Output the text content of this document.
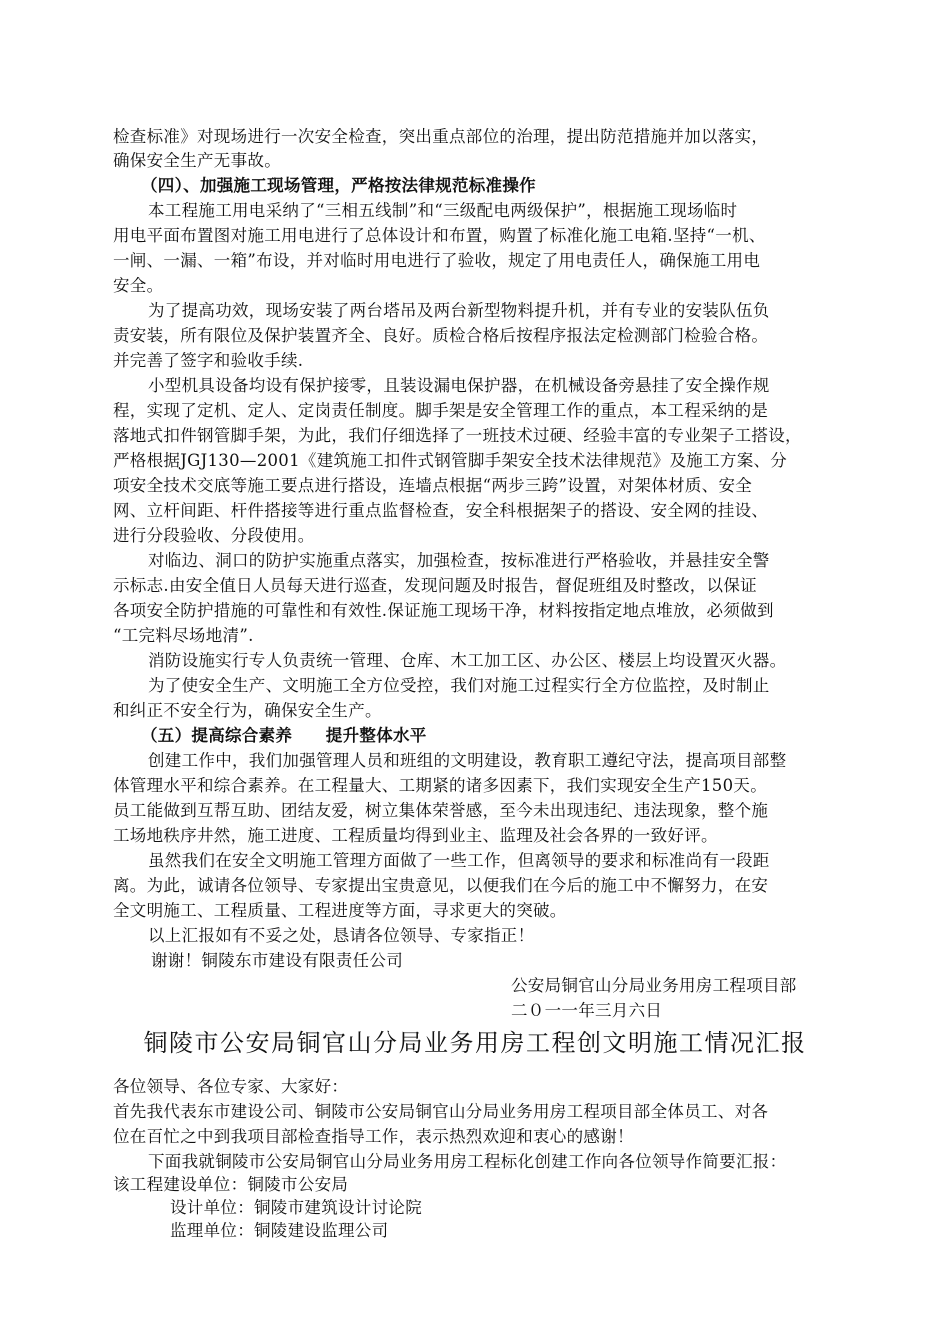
检查标准》对现场进行一次安全检查，突出重点部位的治理，提出防范措施并加以落实，
确保安全生产无事故。
（四）、加强施工现场管理，严格按法律规范标准操作
本工程施工用电采纳了“三相五线制”和“三级配电两级保护”，根据施工现场临时
用电平面布置图对施工用电进行了总体设计和布置，购置了标准化施工电箱.坚持“一机、
一闸、一漏、一箱”布设，并对临时用电进行了验收，规定了用电责任人，确保施工用电
安全。
为了提高功效，现场安装了两台塔吊及两台新型物料提升机，并有专业的安装队伍负
责安装，所有限位及保护装置齐全、良好。质检合格后按程序报法定检测部门检验合格。
并完善了签字和验收手续.
小型机具设备均设有保护接零，且装设漏电保护器，在机械设备旁悬挂了安全操作规
程，实现了定机、定人、定岗责任制度。脚手架是安全管理工作的重点，本工程采纳的是
落地式扣件钢管脚手架，为此，我们仔细选择了一班技术过硬、经验丰富的专业架子工搭设，
严格根据JGJ130—2001《建筑施工扣件式钢管脚手架安全技术法律规范》及施工方案、分
项安全技术交底等施工要点进行搭设，连墙点根据“两步三跨”设置，对架体材质、安全
网、立杆间距、杆件搭接等进行重点监督检查，安全科根据架子的搭设、安全网的挂设、
进行分段验收、分段使用。
对临边、洞口的防护实施重点落实，加强检查，按标准进行严格验收，并悬挂安全警
示标志.由安全值日人员每天进行巡查，发现问题及时报告，督促班组及时整改，以保证
各项安全防护措施的可靠性和有效性.保证施工现场干净，材料按指定地点堆放，必须做到
“工完料尽场地清”.
消防设施实行专人负责统一管理、仓库、木工加工区、办公区、楼层上均设置灭火器。
为了使安全生产、文明施工全方位受控，我们对施工过程实行全方位监控，及时制止
和纠正不安全行为，确保安全生产。
（五）提高综合素养　　提升整体水平
创建工作中，我们加强管理人员和班组的文明建设，教育职工遵纪守法，提高项目部整
体管理水平和综合素养。在工程量大、工期紧的诸多因素下，我们实现安全生产150天。
员工能做到互帮互助、团结友爱，树立集体荣誉感，至今未出现违纪、违法现象，整个施
工场地秩序井然，施工进度、工程质量均得到业主、监理及社会各界的一致好评。
虽然我们在安全文明施工管理方面做了一些工作，但离领导的要求和标准尚有一段距
离。为此，诚请各位领导、专家提出宝贵意见，以便我们在今后的施工中不懈努力，在安
全文明施工、工程质量、工程进度等方面，寻求更大的突破。
以上汇报如有不妥之处，恳请各位领导、专家指正！
谢谢！铜陵东市建设有限责任公司
公安局铜官山分局业务用房工程项目部
二０一一年三月六日
铜陵市公安局铜官山分局业务用房工程创文明施工情况汇报
各位领导、各位专家、大家好：
首先我代表东市建设公司、铜陵市公安局铜官山分局业务用房工程项目部全体员工、对各
位在百忙之中到我项目部检查指导工作，表示热烈欢迎和衷心的感谢！
下面我就铜陵市公安局铜官山分局业务用房工程标化创建工作向各位领导作简要汇报：
该工程建设单位：铜陵市公安局
设计单位：铜陵市建筑设计讨论院
监理单位：铜陵建设监理公司
